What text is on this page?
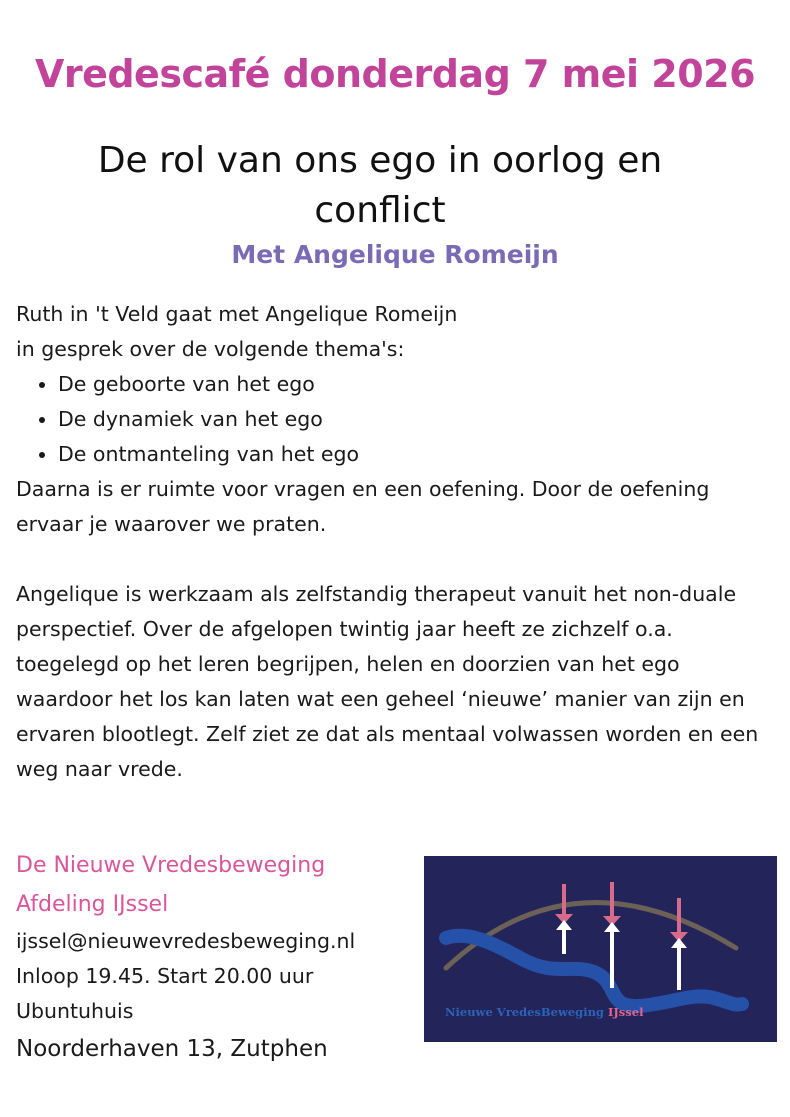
Vredescafé donderdag 7 mei 2026
De rol van ons ego in oorlog en
conflict
Met Angelique Romeijn

Ruth in 't Veld gaat met Angelique Romeijn

in gesprek over de volgende thema's:

• De geboorte van het ego
• De dynamiek van het ego
• De ontmanteling van het ego

Daarna is er ruimte voor vragen en een oefening. Door de oefening ervaar je waarover we praten.

Angelique is werkzaam als zelfstandig therapeut vanuit het non-duale perspectief. Over de afgelopen twintig jaar heeft ze zichzelf o.a. toegelegd op het leren begrijpen, helen en doorzien van het ego waardoor het los kan laten wat een geheel ‘nieuwe’ manier van zijn en ervaren blootlegt. Zelf ziet ze dat als mentaal volwassen worden en een weg naar vrede.

De Nieuwe Vredesbeweging
Afdeling IJssel
ijssel@nieuwevredesbeweging.nl
Inloop 19.45. Start 20.00 uur
Ubuntuhuis
Noorderhaven 13, Zutphen
Nieuwe VredesBeweging IJssel
